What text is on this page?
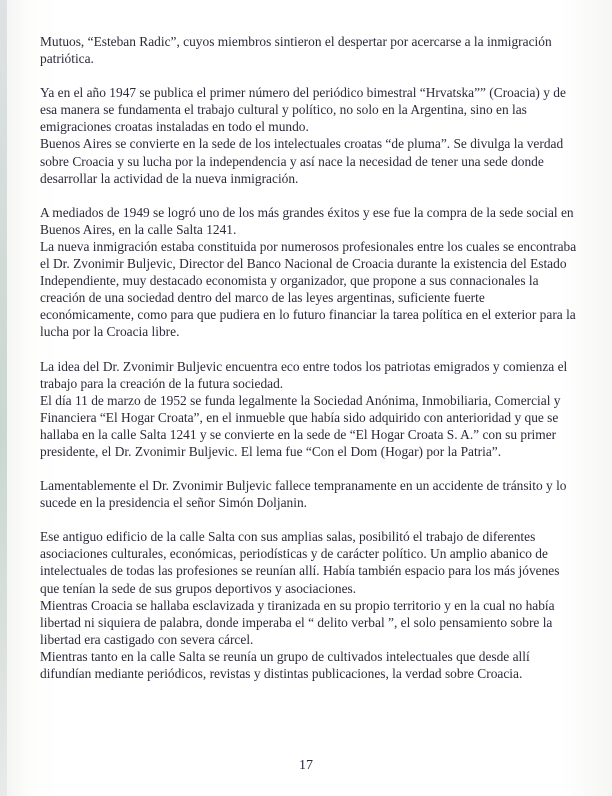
Mutuos, “Esteban Radic”, cuyos miembros sintieron el despertar por acercarse a la inmigración patriótica.
Ya en el año 1947 se publica el primer número del periódico bimestral “Hrvatska”” (Croacia) y de esa manera se fundamenta el trabajo cultural y político, no solo en la Argentina, sino en las emigraciones croatas instaladas en todo el mundo.
Buenos Aires se convierte en la sede de los intelectuales croatas “de pluma”. Se divulga la verdad sobre Croacia y su lucha por la independencia y así nace la necesidad de tener una sede donde desarrollar la actividad de la nueva inmigración.
A mediados de 1949 se logró uno de los más grandes éxitos y ese fue la compra de la sede social en Buenos Aires, en la calle Salta 1241.
La nueva inmigración estaba constituida por numerosos profesionales entre los cuales se encontraba el Dr. Zvonimir Buljevic, Director del Banco Nacional de Croacia durante la existencia del Estado Independiente, muy destacado economista y organizador, que propone a sus connacionales la creación de una sociedad dentro del marco de las leyes argentinas, suficiente fuerte económicamente, como para que pudiera en lo futuro financiar la tarea política en el exterior para la lucha por la Croacia libre.
La idea del Dr. Zvonimir Buljevic encuentra eco entre todos los patriotas emigrados y comienza el trabajo para la creación de la futura sociedad.
El día 11 de marzo de 1952 se funda legalmente la Sociedad Anónima, Inmobiliaria, Comercial y Financiera “El Hogar Croata”, en el inmueble que había sido adquirido con anterioridad y que se hallaba en la calle Salta 1241 y se convierte en la sede de “El Hogar Croata S. A.” con su primer presidente, el Dr. Zvonimir Buljevic. El lema fue “Con el Dom (Hogar) por la Patria”.
Lamentablemente el Dr. Zvonimir Buljevic fallece tempranamente en un accidente de tránsito y lo sucede en la presidencia el señor Simón Doljanin.
Ese antiguo edificio de la calle Salta con sus amplias salas, posibilitó el trabajo de diferentes asociaciones culturales, económicas, periodísticas y de carácter político. Un amplio abanico de intelectuales de todas las profesiones se reunían allí. Había también espacio para los más jóvenes que tenían la sede de sus grupos deportivos y asociaciones.
Mientras Croacia se hallaba esclavizada y tiranizada en su propio territorio y en la cual no había libertad ni siquiera de palabra, donde imperaba el “ delito verbal ”, el solo pensamiento sobre la libertad era castigado con severa cárcel.
Mientras tanto en la calle Salta se reunía un grupo de cultivados intelectuales que desde allí difundían mediante periódicos, revistas y distintas publicaciones, la verdad sobre Croacia.
17
